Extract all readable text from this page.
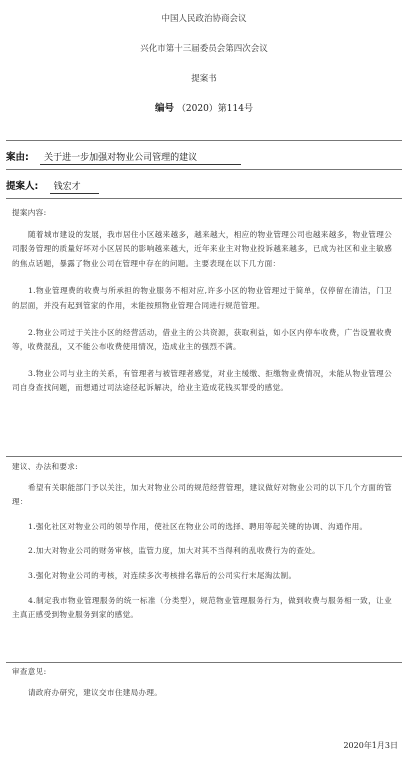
中国人民政治协商会议
兴化市第十三届委员会第四次会议
提案书
编号 （2020）第114号
案由: 关于进一步加强对物业公司管理的建议
提案人: 钱宏才

提案内容:

随着城市建设的发展，我市居住小区越来越多，越来越大，相应的物业管理公司也越来越多，物业管理公司服务管理的质量好坏对小区居民的影响越来越大，近年来业主对物业投诉越来越多，已成为社区和业主敏感的焦点话题，暴露了物业公司在管理中存在的问题。主要表现在以下几方面：

1.物业管理费的收费与所承担的物业服务不相对应,许多小区的物业管理过于简单，仅停留在清洁，门卫的层面，并没有起到管家的作用，未能按照物业管理合同进行规范管理。

2.物业公司过于关注小区的经营活动，借业主的公共资源，获取利益，如小区内停车收费，广告设置收费等，收费混乱，又不能公布收费使用情况，造成业主的强烈不满。

3.物业公司与业主的关系，有管理者与被管理者感觉，对业主缓缴、拒缴物业费情况，未能从物业管理公司自身查找问题，而想通过司法途径起诉解决，给业主造成花钱买罪受的感觉。

建议、办法和要求:

希望有关职能部门予以关注，加大对物业公司的规范经营管理，建议做好对物业公司的以下几个方面的管理：

1.强化社区对物业公司的领导作用，使社区在物业公司的选择、聘用等起关键的协调、沟通作用。

2.加大对物业公司的财务审核，监管力度，加大对其不当得利的乱收费行为的查处。

3.强化对物业公司的考核，对连续多次考核排名靠后的公司实行末尾淘汰制。

4.制定我市物业管理服务的统一标准（分类型），规范物业管理服务行为，做到收费与服务相一致，让业主真正感受到物业服务到家的感觉。

审查意见:

请政府办研究，建议交市住建局办理。

2020年1月3日
